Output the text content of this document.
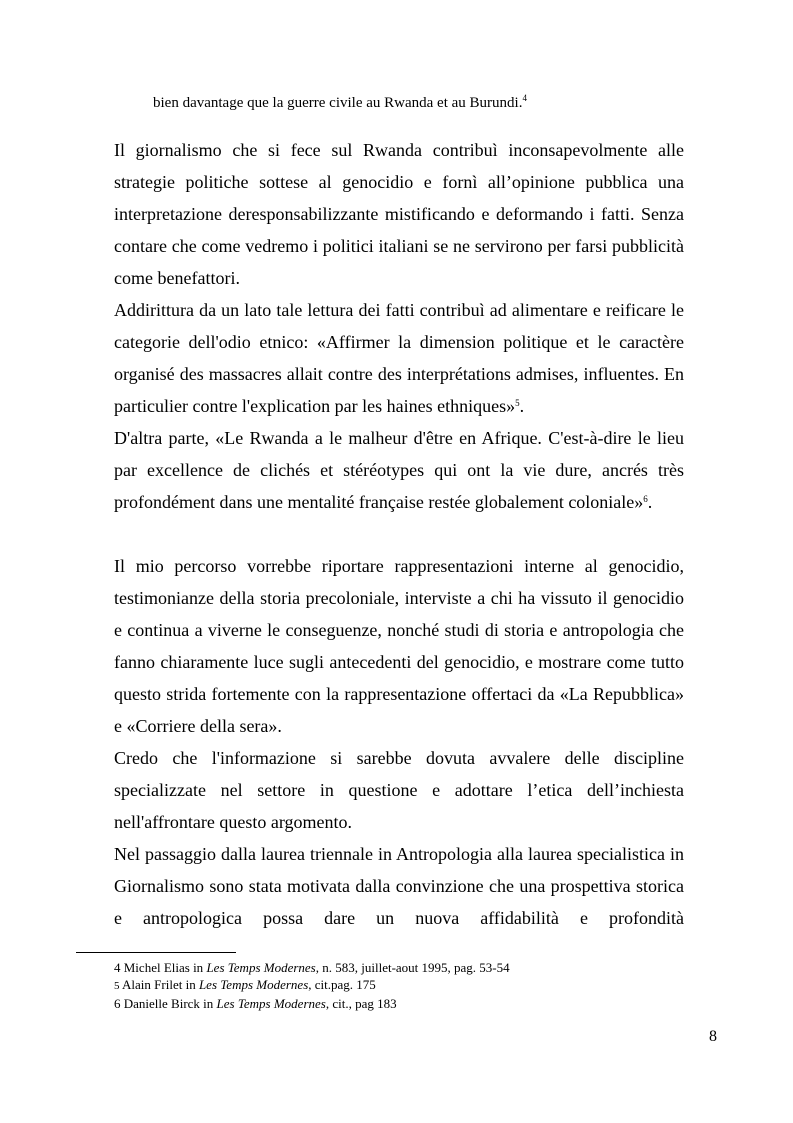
bien davantage que la guerre civile au Rwanda et au Burundi.$^4$

Il giornalismo che si fece sul Rwanda contribuì inconsapevolmente alle strategie politiche sottese al genocidio e fornì all’opinione pubblica una interpretazione deresponsabilizzante mistificando e deformando i fatti. Senza contare che come vedremo i politici italiani se ne servirono per farsi pubblicità come benefattori.

Addirittura da un lato tale lettura dei fatti contribuì ad alimentare e reificare le categorie dell'odio etnico: «Affirmer la dimension politique et le caractère organisé des massacres allait contre des interprétations admises, influentes. En particulier contre l'explication par les haines ethniques»$^5$.

D'altra parte, «Le Rwanda a le malheur d'être en Afrique. C'est-à-dire le lieu par excellence de clichés et stéréotypes qui ont la vie dure, ancrés très profondément dans une mentalité française restée globalement coloniale»$^6$.

Il mio percorso vorrebbe riportare rappresentazioni interne al genocidio, testimonianze della storia precoloniale, interviste a chi ha vissuto il genocidio e continua a viverne le conseguenze, nonché studi di storia e antropologia che fanno chiaramente luce sugli antecedenti del genocidio, e mostrare come tutto questo strida fortemente con la rappresentazione offertaci da «La Repubblica» e «Corriere della sera».

Credo che l'informazione si sarebbe dovuta avvalere delle discipline specializzate nel settore in questione e adottare l’etica dell’inchiesta nell'affrontare questo argomento.

Nel passaggio dalla laurea triennale in Antropologia alla laurea specialistica in Giornalismo sono stata motivata dalla convinzione che una prospettiva storica e antropologica possa dare un nuova affidabilità e profondità

4 Michel Elias in Les Temps Modernes, n. 583, juillet-aout 1995, pag. 53-54

5 Alain Frilet in Les Temps Modernes, cit.pag. 175

6 Danielle Birck in Les Temps Modernes, cit., pag 183

8
